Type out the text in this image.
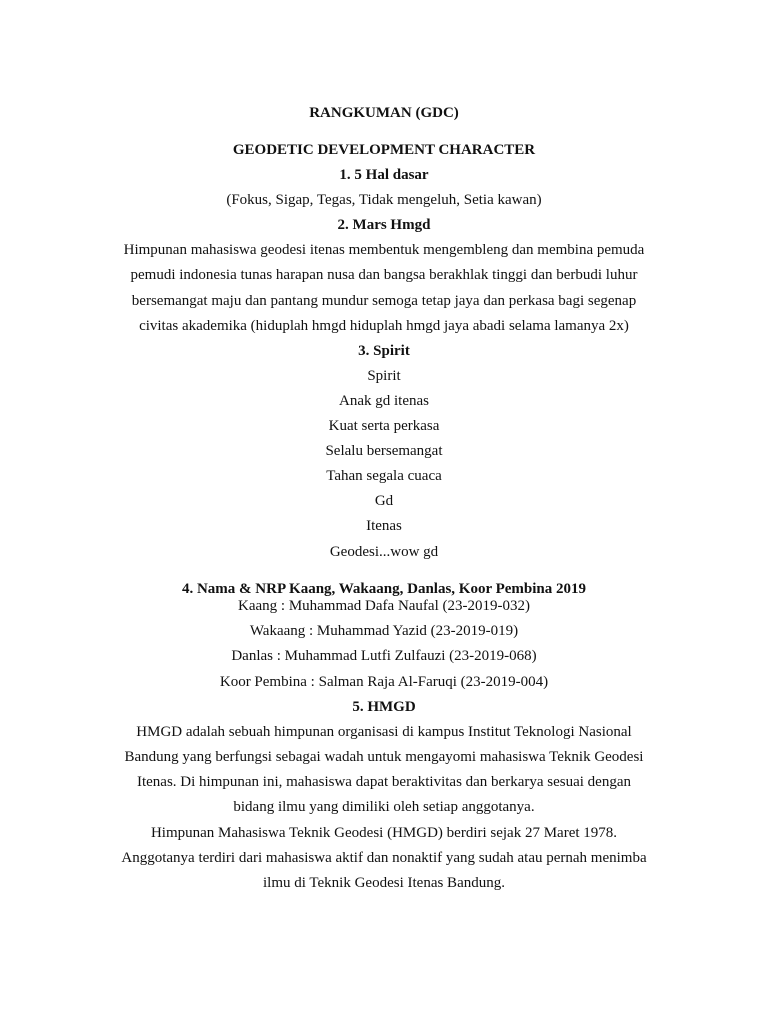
RANGKUMAN (GDC)
GEODETIC DEVELOPMENT CHARACTER
1. 5 Hal dasar
(Fokus, Sigap, Tegas, Tidak mengeluh, Setia kawan)
2. Mars Hmgd
Himpunan mahasiswa geodesi itenas membentuk mengembleng dan membina pemuda
pemudi indonesia tunas harapan nusa dan bangsa berakhlak tinggi dan berbudi luhur
bersemangat maju dan pantang mundur semoga tetap jaya dan perkasa bagi segenap
civitas akademika (hiduplah hmgd hiduplah hmgd jaya abadi selama lamanya 2x)
3. Spirit
Spirit
Anak gd itenas
Kuat serta perkasa
Selalu bersemangat
Tahan segala cuaca
Gd
Itenas
Geodesi...wow gd
4. Nama & NRP Kaang, Wakaang, Danlas, Koor Pembina 2019
Kaang : Muhammad Dafa Naufal (23-2019-032)
Wakaang : Muhammad Yazid (23-2019-019)
Danlas : Muhammad Lutfi Zulfauzi (23-2019-068)
Koor Pembina : Salman Raja Al-Faruqi (23-2019-004)
5. HMGD
HMGD adalah sebuah himpunan organisasi di kampus Institut Teknologi Nasional
Bandung yang berfungsi sebagai wadah untuk mengayomi mahasiswa Teknik Geodesi
Itenas. Di himpunan ini, mahasiswa dapat beraktivitas dan berkarya sesuai dengan
bidang ilmu yang dimiliki oleh setiap anggotanya.
Himpunan Mahasiswa Teknik Geodesi (HMGD) berdiri sejak 27 Maret 1978.
Anggotanya terdiri dari mahasiswa aktif dan nonaktif yang sudah atau pernah menimba
ilmu di Teknik Geodesi Itenas Bandung.
